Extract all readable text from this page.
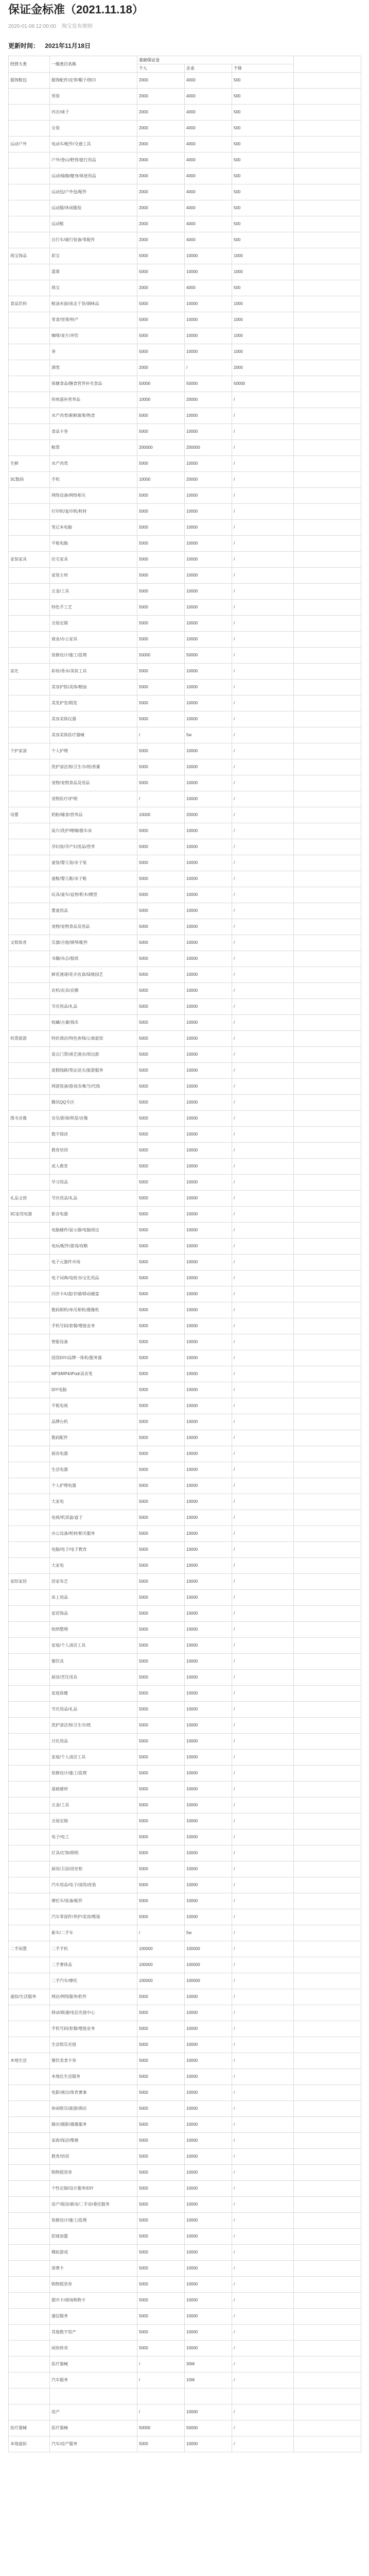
保证金标准（2021.11.18）
2020-01-08 12:00:00 淘宝发布规则
更新时间： 2021年11月18日
经营大类	一级类目名称	基础保证金			
		个人	企业	个体	
服饰鞋包	服饰配件/皮带/帽子/围巾	2000	4000	500	
	男装	2000	4000	500	
	内衣/袜子	2000	4000	500	
	女装	2000	4000	500	
运动户外	电动车/配件/交通工具	2000	4000	500	
	户外/登山/野营/旅行用品	2000	4000	500	
	运动/瑜伽/健身/球迷用品	2000	4000	500	
	运动包/户外包/配件	2000	4000	500	
	运动服/休闲服装	2000	4000	500	
	运动鞋	2000	4000	500	
	自行车/骑行装备/零配件	2000	4000	500	
珠宝饰品	彩宝	5000	10000	1000	
	翡翠	5000	10000	1000	
	珠宝	2000	4000	500	
食品饮料	粮油米面/南北干货/调味品	5000	10000	1000	
	零食/坚果/特产	5000	10000	1000	
	咖啡/麦片/冲饮	5000	10000	1000	
	茶	5000	10000	1000	
	酒类	2000	/	2000	
	保健食品/膳食营养补充食品	50000	50000	50000	
	传统滋补营养品	10000	20000	/	
	水产肉类/新鲜蔬果/熟食	5000	10000	/	
	食品卡券	5000	10000	/	
	粮票	200000	200000	/	
生鲜	水产肉类	5000	10000	/	
3C数码	手机	10000	20000	/	
	网络设备/网络相关	5000	10000	/	
	打印机/复印机/耗材	5000	10000	/	
	笔记本电脑	5000	10000	/	
	平板电脑	5000	10000	/	
家装家具	住宅家具	5000	10000	/	
	家装主材	5000	10000	/	
	五金/工具	5000	10000	/	
	特色手工艺	5000	10000	/	
	全屋定制	5000	10000	/	
	商业/办公家具	5000	10000	/	
	装修设计/施工/监理	50000	50000	/	
家化	彩妆/香水/美妆工具	5000	10000	/	
	美容护肤/美体/精油	5000	10000	/	
	美发护发/假发	5000	10000	/	
	美容美体仪器	5000	10000	/	
	美容美体医疗器械	/	5w	/	
个护家清	个人护理	5000	10000	/	
	洗护清洁剂/卫生巾/纸/香薰	5000	10000	/	
	宠物/宠物食品及用品	5000	10000	/	
	宠物医疗/护理	/	10000	/	
母婴	奶粉/辅食/营养品	10000	20000	/	
	尿片/洗护/喂哺/推车床	5000	10000	/	
	孕妇装/孕产妇用品/营养	5000	10000	/	
	童装/婴儿装/亲子装	5000	10000	/	
	童鞋/婴儿鞋/亲子鞋	5000	10000	/	
	玩具/童车/益智/积木/模型	5000	10000	/	
	婴童用品	5000	10000	/	
	宠物/宠物食品及用品	5000	10000	/	
文娱体育	乐器/吉他/钢琴/配件	5000	10000	/	
	书籍/杂志/报纸	5000	10000	/	
	鲜花速递/花卉仿真/绿植园艺	5000	10000	/	
	农机/农具/农膜	5000	10000	/	
	节庆用品/礼品	5000	10000	/	
	收藏/古董/钱币	5000	10000	/	
机票旅游	特价酒店/特色客栈/公寓旅馆	5000	10000	/	
	景点门票/演艺演出/周边游	5000	10000	/	
	度假线路/签证送关/旅游服务	5000	10000	/	
	网游装备/游戏币/帐号/代练	5000	10000	/	
	腾讯QQ专区	5000	10000	/	
图书音像	音乐/影视/明星/音像	5000	10000	/	
	数字阅读	5000	10000	/	
	教育培训	5000	10000	/	
	成人教育	5000	10000	/	
	学习用品	5000	10000	/	
礼品文创	节庆用品/礼品	5000	10000	/	
3C家用电器	影音电器	5000	10000	/	
	电脑硬件/显示器/电脑周边	5000	10000	/	
	电玩/配件/游戏/攻略	5000	10000	/	
	电子元器件市场	5000	10000	/	
	电子词典/电纸书/文化用品	5000	10000	/	
	闪存卡/U盘/存储/移动硬盘	5000	10000	/	
	数码相机/单反相机/摄像机	5000	10000	/	
	手机号码/套餐/增值业务	5000	10000	/	
	智能设备	5000	10000	/	
	国货DIY/品牌一体机/服务器	5000	10000	/	
	MP3/MP4/iPod/录音笔	5000	10000	/	
	DIY电脑	5000	10000	/	
	平板电视	5000	10000	/	
	品牌台机	5000	10000	/	
	数码配件	5000	10000	/	
	厨房电器	5000	10000	/	
	生活电器	5000	10000	/	
	个人护理电器	5000	10000	/	
	大家电	5000	10000	/	
	电视/机顶盒/盒子	5000	10000	/	
	办公设备/耗材/相关服务	5000	10000	/	
	电脑/电子/电子教育	5000	10000	/	
	大家电	5000	10000	/	
家纺家居	居家布艺	5000	10000	/	
	床上用品	5000	10000	/	
	家居饰品	5000	10000	/	
	收纳整理	5000	10000	/	
	家庭/个人清洁工具	5000	10000	/	
	餐饮具	5000	10000	/	
	厨房/烹饪用具	5000	10000	/	
	家庭保健	5000	10000	/	
	节庆用品/礼品	5000	10000	/	
	洗护清洁剂/卫生巾/纸	5000	10000	/	
	日化用品	5000	10000	/	
	家庭/个人清洁工具	5000	10000	/	
	装修设计/施工/监理	5000	10000	/	
	基础建材	5000	10000	/	
	五金/工具	5000	10000	/	
	全屋定制	5000	10000	/	
	电子/电工	5000	10000	/	
	灯具/灯饰/照明	5000	10000	/	
	厨房/卫浴/浴室柜	5000	10000	/	
	汽车用品/电子/清洗/改装	5000	10000	/	
	摩托车/装备/配件	5000	10000	/	
	汽车零部件/养护/美容/维保	5000	10000	/	
	新车/二手车	/	5w	/	
二手闲置	二手手机	100000	100000	/	
	二手奢侈品	100000	100000	/	
	二手汽车/摩托	100000	100000	/	
虚拟/生活服务	网店/网络服务/软件	5000	10000	/	
	移动/联通/电信充值中心	5000	10000	/	
	手机号码/套餐/增值业务	5000	10000	/	
	生活娱乐充值	5000	10000	/	
本地生活	餐饮美食卡券	5000	10000	/	
	本地化生活服务	5000	10000	/	
	电影/演出/体育赛事	5000	10000	/	
	休闲娱乐/旅游/酒店	5000	10000	/	
	婚庆/摄影/摄像服务	5000	10000	/	
	家政/保洁/维修	5000	10000	/	
	教育/培训	5000	10000	/	
	购物提货券	5000	10000	/	
	个性定制/设计服务/DIY	5000	10000	/	
	房产/租房/新房/二手房/委托服务	5000	10000	/	
	装修设计/施工/监理	5000	10000	/	
	招商加盟	5000	10000	/	
	模拟游戏	5000	10000	/	
	消费卡	5000	10000	/	
	购物提货券	5000	10000	/	
	超市卡/商场购物卡	5000	10000	/	
	通信服务	5000	10000	/	
	其他数字资产	5000	10000	/	
	闲鱼转卖	5000	10000	/	
	医疗器械	/	30W	/	
	汽车服务	/	10W	/	

	房产	/	10000	/	
医疗器械	医疗器械	50000	50000	/	
本地虚拟	汽车/房产服务	5000	10000	/	
